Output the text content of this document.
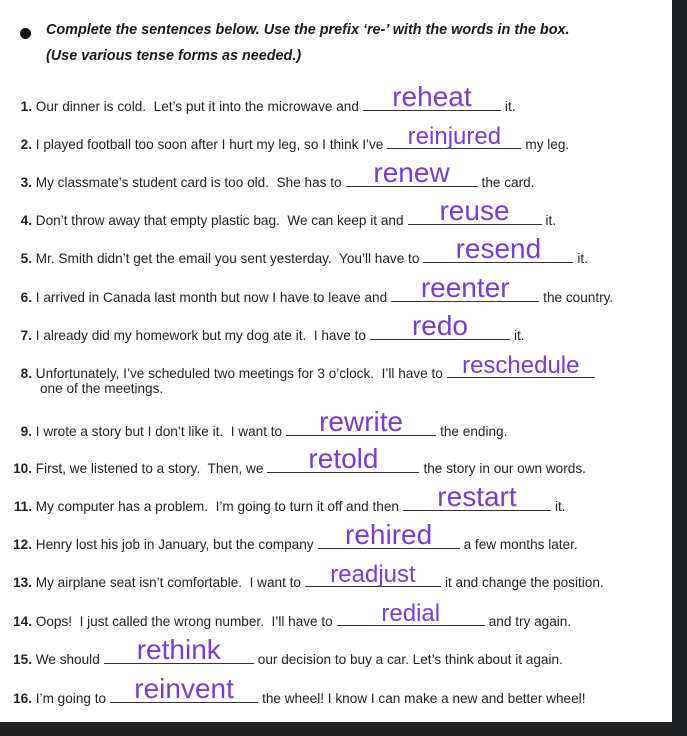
Complete the sentences below. Use the prefix ‘re-’ with the words in the box.
(Use various tense forms as needed.)
1. Our dinner is cold.  Let’s put it into the microwave and	reheat	it.
2. I played football too soon after I hurt my leg, so I think I’ve	reinjured	my leg.
3. My classmate’s student card is too old.  She has to	renew	the card.
4. Don’t throw away that empty plastic bag.  We can keep it and	reuse	it.
5. Mr. Smith didn’t get the email you sent yesterday.  You’ll have to	resend	it.
6. I arrived in Canada last month but now I have to leave and	reenter	the country.
7. I already did my homework but my dog ate it.  I have to	redo	it.
8. Unfortunately, I’ve scheduled two meetings for 3 o’clock.  I’ll have to reschedule
one of the meetings.
9. I wrote a story but I don’t like it.  I want to	rewrite	the ending.
10. First, we listened to a story.  Then, we	retold	the story in our own words.
11. My computer has a problem.  I’m going to turn it off and then	restart	it.
12. Henry lost his job in January, but the company	rehired	a few months later.
13. My airplane seat isn’t comfortable.  I want to	readjust	it and change the position.
14. Oops!  I just called the wrong number.  I’ll have to	redial	and try again.
15. We should	rethink	our decision to buy a car. Let’s think about it again.
16. I’m going to	reinvent	the wheel! I know I can make a new and better wheel!
